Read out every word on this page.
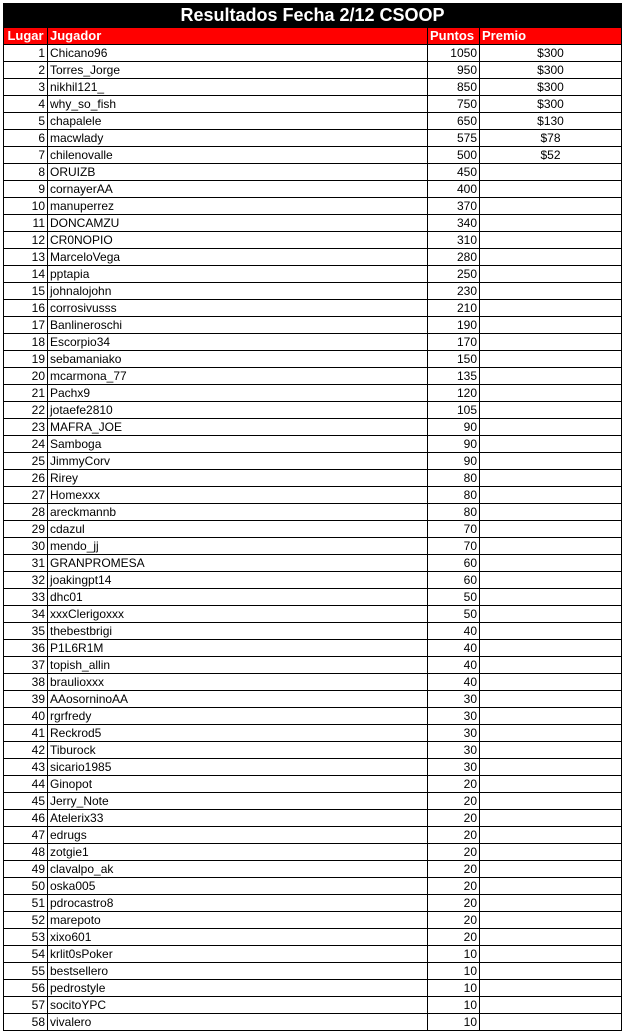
Resultados Fecha 2/12 CSOOP			
Lugar	Jugador	Puntos	Premio
1	Chicano96	1050	$300
2	Torres_Jorge	950	$300
3	nikhil121_	850	$300
4	why_so_fish	750	$300
5	chapalele	650	$130
6	macwlady	575	$78
7	chilenovalle	500	$52
8	ORUIZB	450	
9	cornayerAA	400	
10	manuperrez	370	
11	DONCAMZU	340	
12	CR0NOPIO	310	
13	MarceloVega	280	
14	pptapia	250	
15	johnalojohn	230	
16	corrosivusss	210	
17	Banlineroschi	190	
18	Escorpio34	170	
19	sebamaniako	150	
20	mcarmona_77	135	
21	Pachx9	120	
22	jotaefe2810	105	
23	MAFRA_JOE	90	
24	Samboga	90	
25	JimmyCorv	90	
26	Rirey	80	
27	Homexxx	80	
28	areckmannb	80	
29	cdazul	70	
30	mendo_jj	70	
31	GRANPROMESA	60	
32	joakingpt14	60	
33	dhc01	50	
34	xxxClerigoxxx	50	
35	thebestbrigi	40	
36	P1L6R1M	40	
37	topish_allin	40	
38	braulioxxx	40	
39	AAosorninoAA	30	
40	rgrfredy	30	
41	Reckrod5	30	
42	Tiburock	30	
43	sicario1985	30	
44	Ginopot	20	
45	Jerry_Note	20	
46	Atelerix33	20	
47	edrugs	20	
48	zotgie1	20	
49	clavalpo_ak	20	
50	oska005	20	
51	pdrocastro8	20	
52	marepoto	20	
53	xixo601	20	
54	krlit0sPoker	10	
55	bestsellero	10	
56	pedrostyle	10	
57	socitoYPC	10	
58	vivalero	10	
